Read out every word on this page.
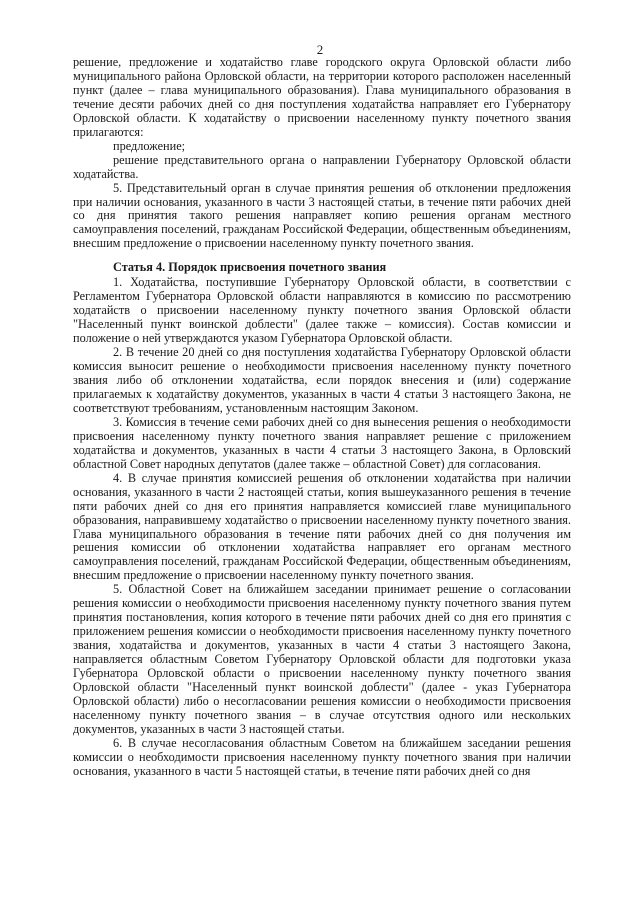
2

решение, предложение и ходатайство главе городского округа Орловской области либо муниципального района Орловской области, на территории которого расположен населенный пункт (далее – глава муниципального образования). Глава муниципального образования в течение десяти рабочих дней со дня поступления ходатайства направляет его Губернатору Орловской области. К ходатайству о присвоении населенному пункту почетного звания прилагаются:

предложение;

решение представительного органа о направлении Губернатору Орловской области ходатайства.

5. Представительный орган в случае принятия решения об отклонении предложения при наличии основания, указанного в части 3 настоящей статьи, в течение пяти рабочих дней со дня принятия такого решения направляет копию решения органам местного самоуправления поселений, гражданам Российской Федерации, общественным объединениям, внесшим предложение о присвоении населенному пункту почетного звания.

Статья 4. Порядок присвоения почетного звания

1. Ходатайства, поступившие Губернатору Орловской области, в соответствии с Регламентом Губернатора Орловской области направляются в комиссию по рассмотрению ходатайств о присвоении населенному пункту почетного звания Орловской области "Населенный пункт воинской доблести" (далее также – комиссия). Состав комиссии и положение о ней утверждаются указом Губернатора Орловской области.

2. В течение 20 дней со дня поступления ходатайства Губернатору Орловской области комиссия выносит решение о необходимости присвоения населенному пункту почетного звания либо об отклонении ходатайства, если порядок внесения и (или) содержание прилагаемых к ходатайству документов, указанных в части 4 статьи 3 настоящего Закона, не соответствуют требованиям, установленным настоящим Законом.

3. Комиссия в течение семи рабочих дней со дня вынесения решения о необходимости присвоения населенному пункту почетного звания направляет решение с приложением ходатайства и документов, указанных в части 4 статьи 3 настоящего Закона, в Орловский областной Совет народных депутатов (далее также – областной Совет) для согласования.

4. В случае принятия комиссией решения об отклонении ходатайства при наличии основания, указанного в части 2 настоящей статьи, копия вышеуказанного решения в течение пяти рабочих дней со дня его принятия направляется комиссией главе муниципального образования, направившему ходатайство о присвоении населенному пункту почетного звания. Глава муниципального образования в течение пяти рабочих дней со дня получения им решения комиссии об отклонении ходатайства направляет его органам местного самоуправления поселений, гражданам Российской Федерации, общественным объединениям, внесшим предложение о присвоении населенному пункту почетного звания.

5. Областной Совет на ближайшем заседании принимает решение о согласовании решения комиссии о необходимости присвоения населенному пункту почетного звания путем принятия постановления, копия которого в течение пяти рабочих дней со дня его принятия с приложением решения комиссии о необходимости присвоения населенному пункту почетного звания, ходатайства и документов, указанных в части 4 статьи 3 настоящего Закона, направляется областным Советом Губернатору Орловской области для подготовки указа Губернатора Орловской области о присвоении населенному пункту почетного звания Орловской области "Населенный пункт воинской доблести" (далее - указ Губернатора Орловской области) либо о несогласовании решения комиссии о необходимости присвоения населенному пункту почетного звания – в случае отсутствия одного или нескольких документов, указанных в части 3 настоящей статьи.

6. В случае несогласования областным Советом на ближайшем заседании решения комиссии о необходимости присвоения населенному пункту почетного звания при наличии основания, указанного в части 5 настоящей статьи, в течение пяти рабочих дней со дня
